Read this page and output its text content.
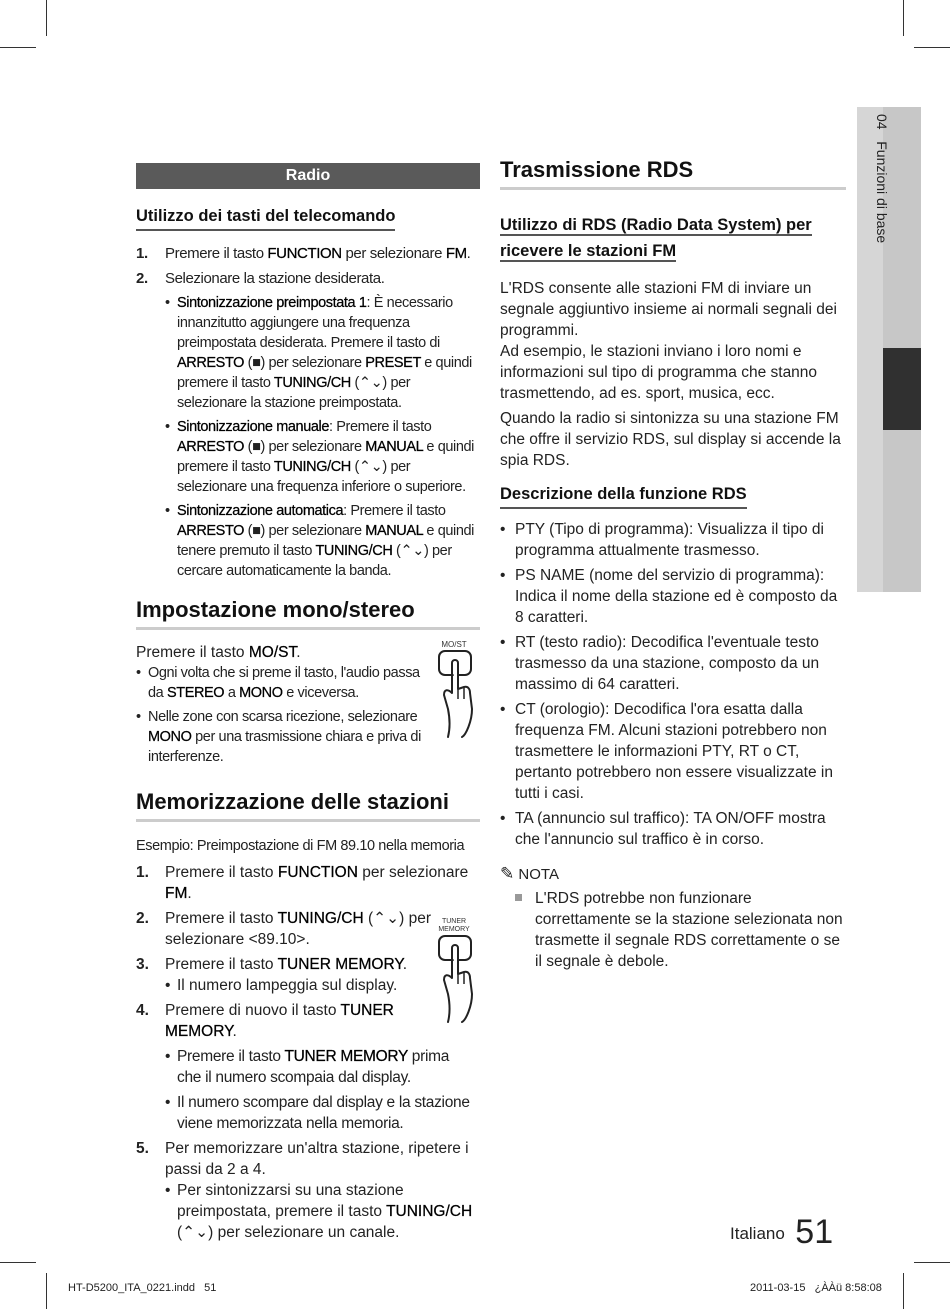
04   Funzioni di base
Radio
Utilizzo dei tasti del telecomando
1. Premere il tasto FUNCTION per selezionare FM.
2. Selezionare la stazione desiderata.
• Sintonizzazione preimpostata 1: È necessario innanzitutto aggiungere una frequenza preimpostata desiderata. Premere il tasto di ARRESTO (■) per selezionare PRESET e quindi premere il tasto TUNING/CH (⌃⌄) per selezionare la stazione preimpostata.
• Sintonizzazione manuale: Premere il tasto ARRESTO (■) per selezionare MANUAL e quindi premere il tasto TUNING/CH (⌃⌄) per selezionare una frequenza inferiore o superiore.
• Sintonizzazione automatica: Premere il tasto ARRESTO (■) per selezionare MANUAL e quindi tenere premuto il tasto TUNING/CH (⌃⌄) per cercare automaticamente la banda.
Impostazione mono/stereo
Premere il tasto MO/ST.
• Ogni volta che si preme il tasto, l'audio passa da STEREO a MONO e viceversa.
• Nelle zone con scarsa ricezione, selezionare MONO per una trasmissione chiara e priva di interferenze.
MO/ST
Memorizzazione delle stazioni
Esempio: Preimpostazione di FM 89.10 nella memoria
1. Premere il tasto FUNCTION per selezionare FM.
2. Premere il tasto TUNING/CH (⌃⌄) per selezionare <89.10>.
3. Premere il tasto TUNER MEMORY.
• Il numero lampeggia sul display.
4. Premere di nuovo il tasto TUNER MEMORY.
• Premere il tasto TUNER MEMORY prima che il numero scompaia dal display.
• Il numero scompare dal display e la stazione viene memorizzata nella memoria.
5. Per memorizzare un'altra stazione, ripetere i passi da 2 a 4.
• Per sintonizzarsi su una stazione preimpostata, premere il tasto TUNING/CH (⌃⌄) per selezionare un canale.
TUNER
MEMORY
Trasmissione RDS
Utilizzo di RDS (Radio Data System) per ricevere le stazioni FM
L'RDS consente alle stazioni FM di inviare un segnale aggiuntivo insieme ai normali segnali dei programmi.
Ad esempio, le stazioni inviano i loro nomi e informazioni sul tipo di programma che stanno trasmettendo, ad es. sport, musica, ecc.
Quando la radio si sintonizza su una stazione FM che offre il servizio RDS, sul display si accende la spia RDS.
Descrizione della funzione RDS
• PTY (Tipo di programma): Visualizza il tipo di programma attualmente trasmesso.
• PS NAME (nome del servizio di programma): Indica il nome della stazione ed è composto da 8 caratteri.
• RT (testo radio): Decodifica l'eventuale testo trasmesso da una stazione, composto da un massimo di 64 caratteri.
• CT (orologio): Decodifica l'ora esatta dalla frequenza FM. Alcuni stazioni potrebbero non trasmettere le informazioni PTY, RT o CT, pertanto potrebbero non essere visualizzate in tutti i casi.
• TA (annuncio sul traffico): TA ON/OFF mostra che l'annuncio sul traffico è in corso.
✎ NOTA
L'RDS potrebbe non funzionare correttamente se la stazione selezionata non trasmette il segnale RDS correttamente o se il segnale è debole.
Italiano 51
HT-D5200_ITA_0221.indd   51	2011-03-15   ¿ÀÀü 8:58:08
